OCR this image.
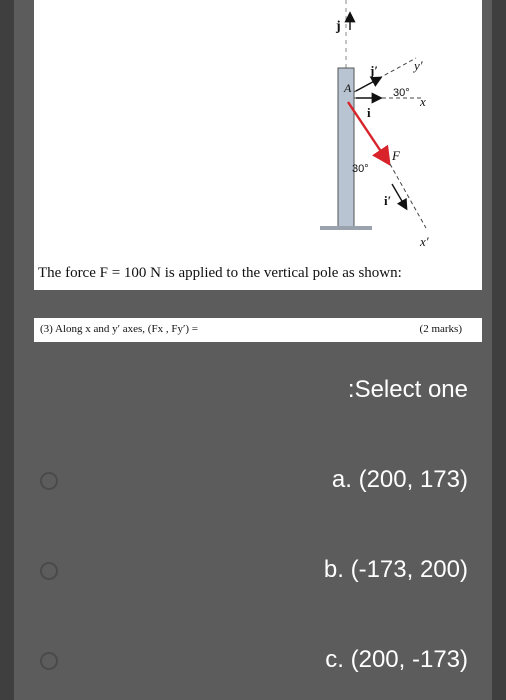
j
A
j′	y′
30°
x
i
F
30°
i′
x′
The force F = 100 N is applied to the vertical pole as shown:
(3) Along x and y′ axes, (Fx , Fy′) =	(2 marks)
:Select one
a. (200, 173)
b. (-173, 200)
c. (200, -173)
